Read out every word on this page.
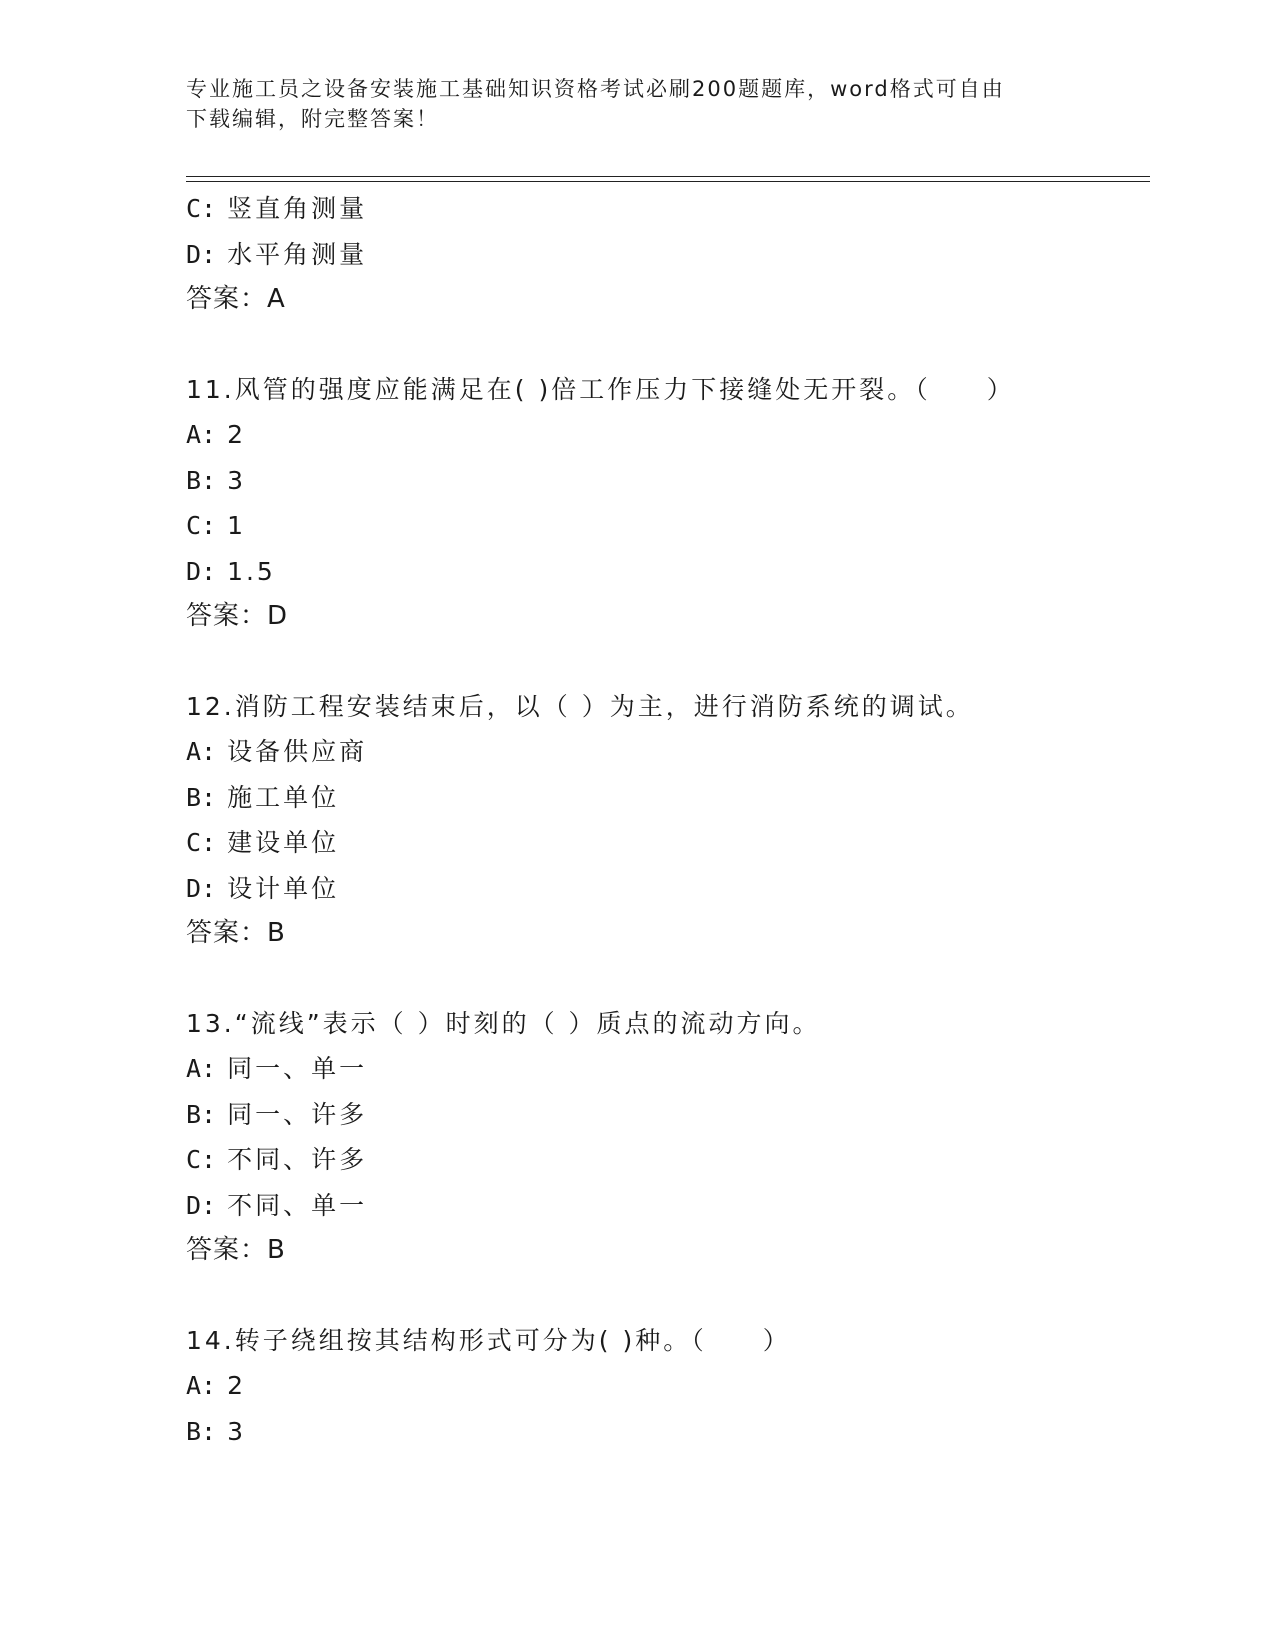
专业施工员之设备安装施工基础知识资格考试必刷200题题库，word格式可自由
下载编辑，附完整答案！
C: 竖直角测量
D: 水平角测量
答案：A
11.风管的强度应能满足在( )倍工作压力下接缝处无开裂。（　　）
A: 2
B: 3
C: 1
D: 1.5
答案：D
12.消防工程安装结束后，以（ ）为主，进行消防系统的调试。
A: 设备供应商
B: 施工单位
C: 建设单位
D: 设计单位
答案：B
13.“流线”表示（ ）时刻的（ ）质点的流动方向。
A: 同一、单一
B: 同一、许多
C: 不同、许多
D: 不同、单一
答案：B
14.转子绕组按其结构形式可分为( )种。（　　）
A: 2
B: 3
